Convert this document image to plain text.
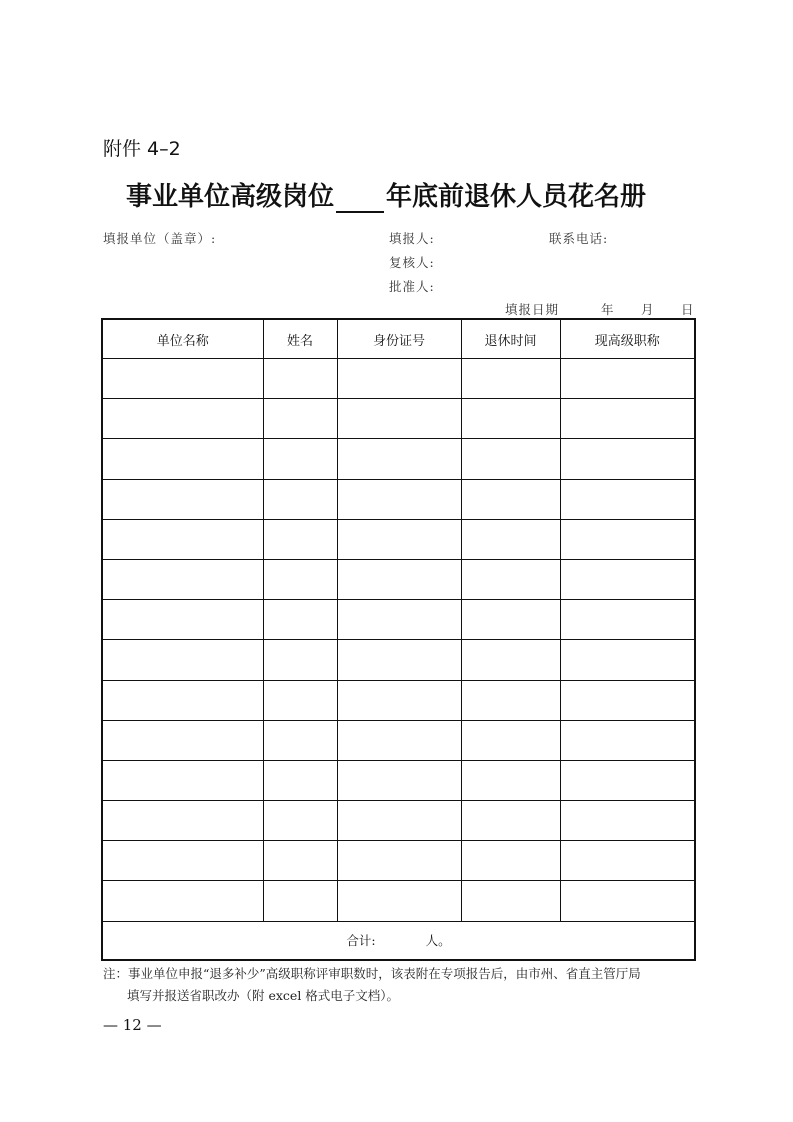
附件 4–2
事业单位高级岗位 年底前退休人员花名册
填报单位（盖章）:	填报人:	联系电话:
复核人:
批准人:
填报日期	年 月 日
单位名称	姓名	身份证号	退休时间	现高级职称

合计: 人。				
注：事业单位申报“退多补少”高级职称评审职数时，该表附在专项报告后，由市州、省直主管厅局
填写并报送省职改办（附 excel 格式电子文档）。
— 12 —
